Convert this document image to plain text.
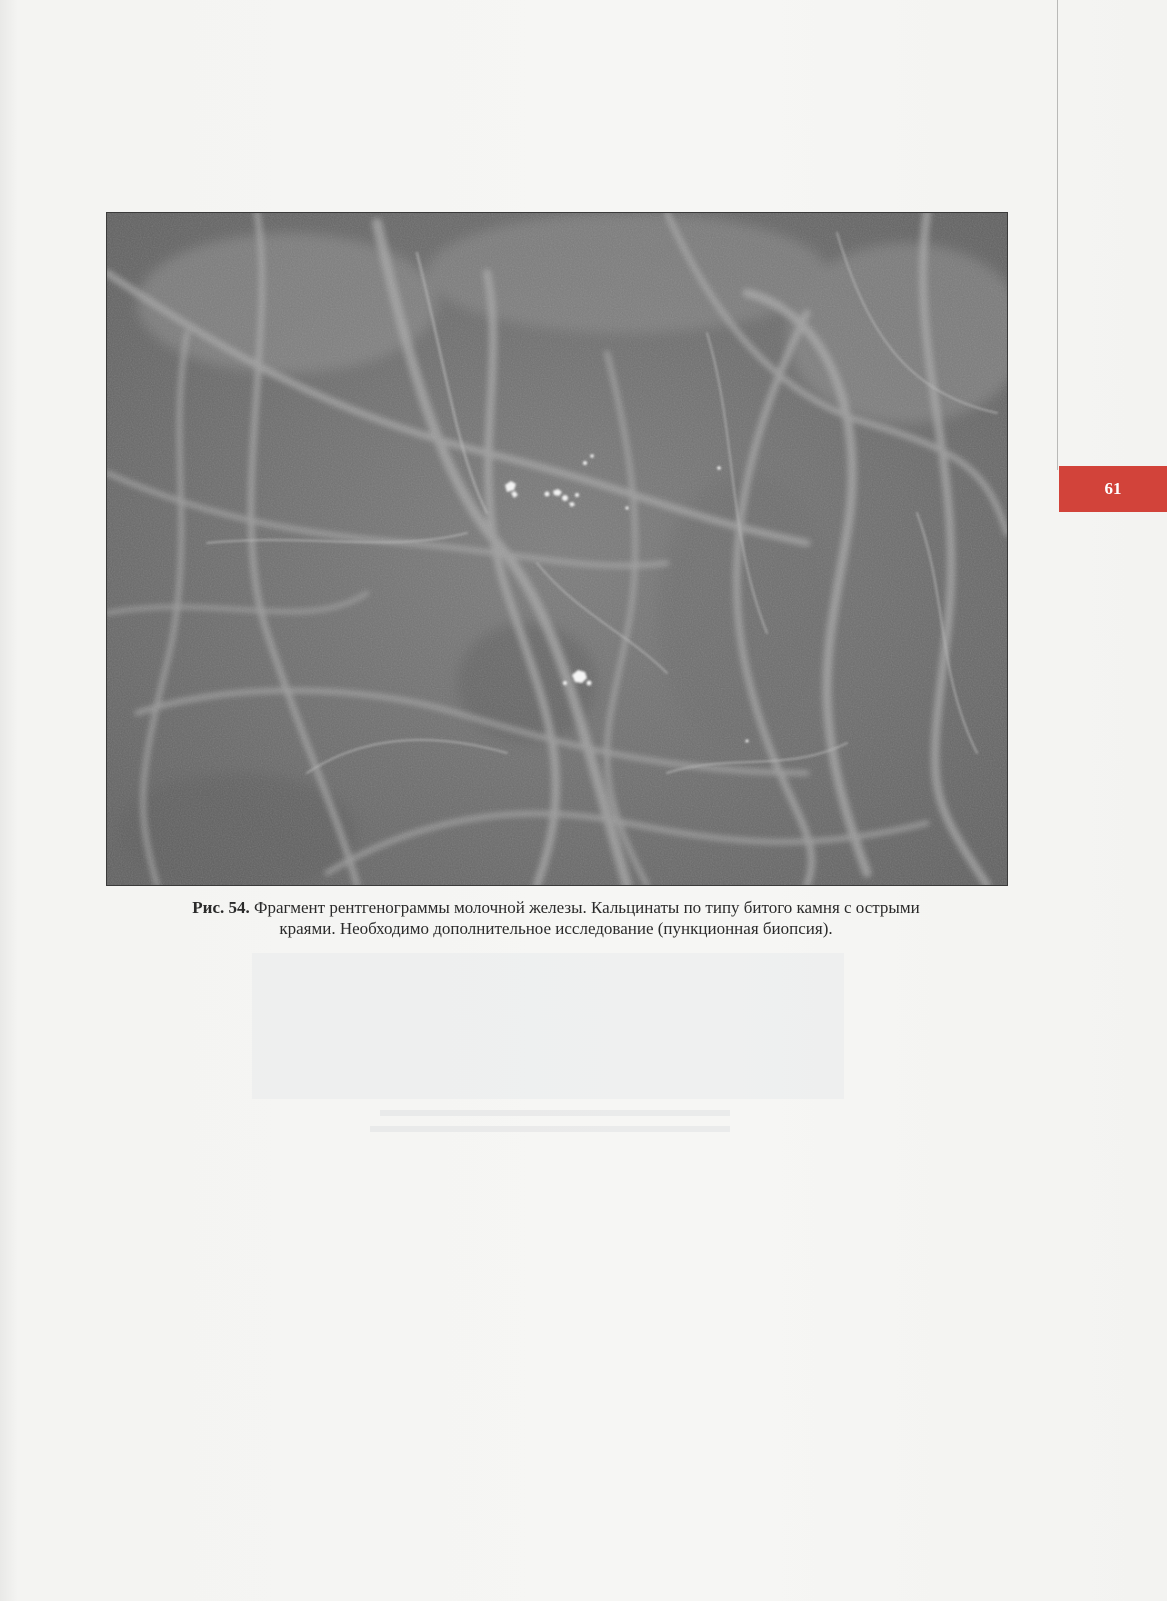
61
Рис. 54. Фрагмент рентгенограммы молочной железы. Кальцинаты по типу битого камня с острыми
краями. Необходимо дополнительное исследование (пункционная биопсия).
